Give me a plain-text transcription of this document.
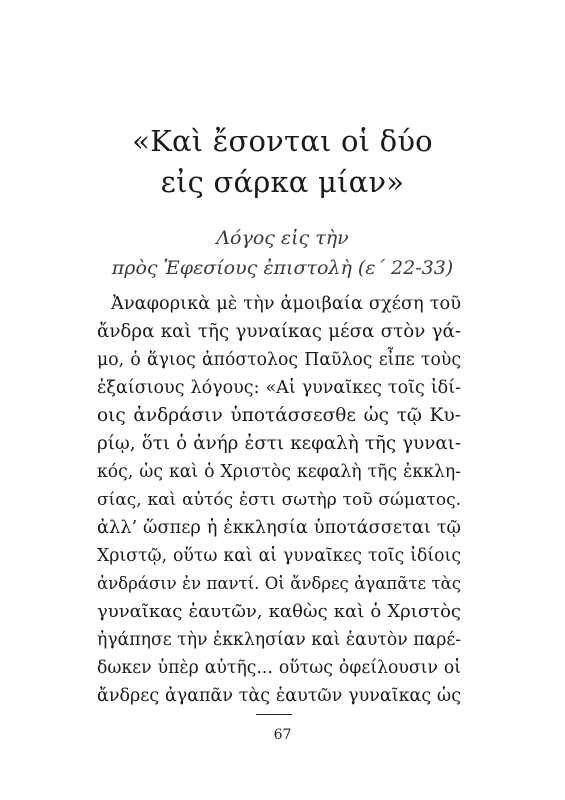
«Καὶ ἔσονται οἱ δύο
εἰς σάρκα μίαν»
Λόγος εἰς τὴν
πρὸς Ἐφεσίους ἐπιστολὴ (ε΄ 22-33)
Ἀναφορικὰ μὲ τὴν ἀμοιβαία σχέση τοῦ
ἄνδρα καὶ τῆς γυναίκας μέσα στὸν γά-
μο, ὁ ἅγιος ἀπόστολος Παῦλος εἶπε τοὺς
ἐξαίσιους λόγους: «Αἱ γυναῖκες τοῖς ἰδί-
οις ἀνδράσιν ὑποτάσσεσθε ὡς τῷ Κυ-
ρίῳ, ὅτι ὁ ἀνήρ ἐστι κεφαλὴ τῆς γυναι-
κός, ὡς καὶ ὁ Χριστὸς κεφαλὴ τῆς ἐκκλη-
σίας, καὶ αὐτός ἐστι σωτὴρ τοῦ σώματος.
ἀλλ’ ὥσπερ ἡ ἐκκλησία ὑποτάσσεται τῷ
Χριστῷ, οὕτω καὶ αἱ γυναῖκες τοῖς ἰδίοις
ἀνδράσιν ἐν παντί. Οἱ ἄνδρες ἀγαπᾶτε τὰς
γυναῖκας ἑαυτῶν, καθὼς καὶ ὁ Χριστὸς
ἠγάπησε τὴν ἐκκλησίαν καὶ ἑαυτὸν παρέ-
δωκεν ὑπὲρ αὐτῆς... οὕτως ὀφείλουσιν οἱ
ἄνδρες ἀγαπᾶν τὰς ἑαυτῶν γυναῖκας ὡς
67
